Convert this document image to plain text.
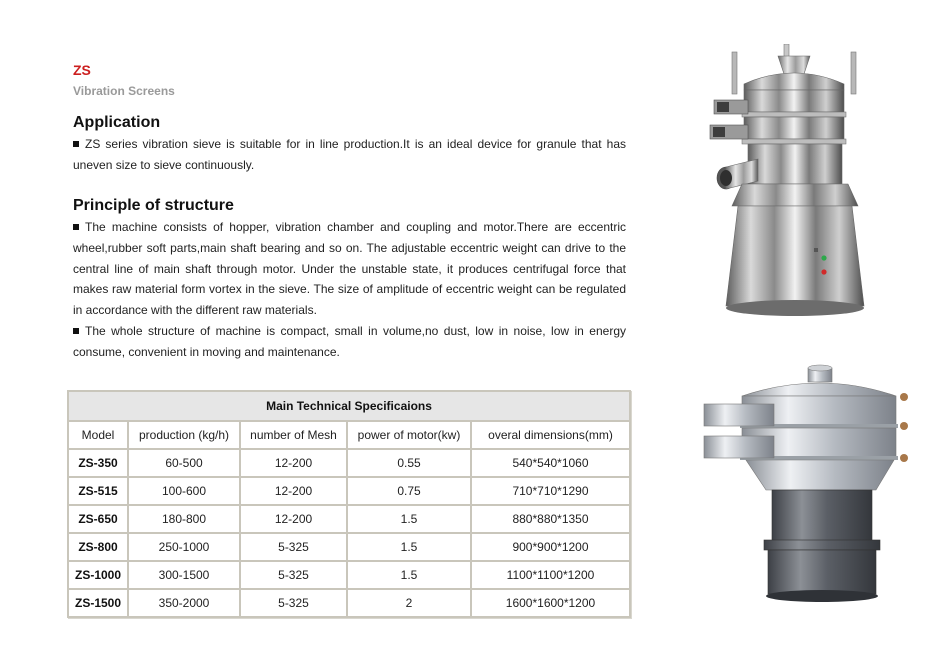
ZS
Vibration Screens
Application
ZS series vibration sieve is suitable for in line production.It is an ideal device for granule that has uneven size to sieve continuously.
Principle of structure
The machine consists of hopper, vibration chamber and coupling and motor.There are eccentric wheel,rubber soft parts,main shaft bearing and so on. The adjustable eccentric weight can drive to the central line of main shaft through motor. Under the unstable state, it produces centrifugal force that makes raw material form vortex in the sieve. The size of amplitude of eccentric weight can be regulated in accordance with the different raw materials.
The whole structure of machine is compact, small in volume,no dust, low in noise, low in energy consume, convenient in moving and maintenance.
Main Technical Specificaions				
Model	production (kg/h)	number of Mesh	power of motor(kw)	overal dimensions(mm)
ZS-350	60-500	12-200	0.55	540*540*1060
ZS-515	100-600	12-200	0.75	710*710*1290
ZS-650	180-800	12-200	1.5	880*880*1350
ZS-800	250-1000	5-325	1.5	900*900*1200
ZS-1000	300-1500	5-325	1.5	1100*1100*1200
ZS-1500	350-2000	5-325	2	1600*1600*1200
